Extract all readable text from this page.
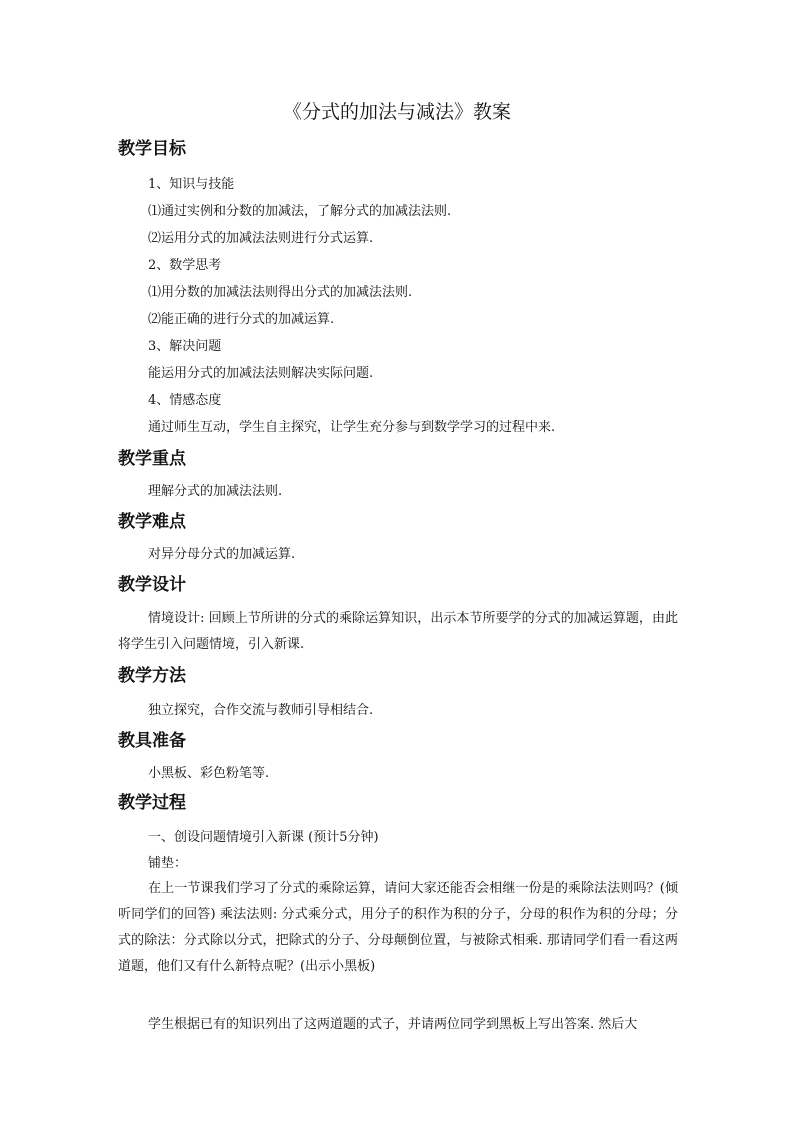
《分式的加法与减法》教案
教学目标
1、知识与技能
⑴通过实例和分数的加减法，了解分式的加减法法则.
⑵运用分式的加减法法则进行分式运算.
2、数学思考
⑴用分数的加减法法则得出分式的加减法法则.
⑵能正确的进行分式的加减运算.
3、解决问题
能运用分式的加减法法则解决实际问题.
4、情感态度
通过师生互动，学生自主探究，让学生充分参与到数学学习的过程中来.
教学重点
理解分式的加减法法则.
教学难点
对异分母分式的加减运算.
教学设计
情境设计: 回顾上节所讲的分式的乘除运算知识，出示本节所要学的分式的加减运算题，由此将学生引入问题情境，引入新课.
教学方法
独立探究，合作交流与教师引导相结合.
教具准备
小黑板、彩色粉笔等.
教学过程
一、创设问题情境引入新课 (预计5分钟)
铺垫：
在上一节课我们学习了分式的乘除运算，请问大家还能否会相继一份是的乘除法法则吗？(倾听同学们的回答) 乘法法则: 分式乘分式，用分子的积作为积的分子，分母的积作为积的分母；分式的除法：分式除以分式，把除式的分子、分母颠倒位置，与被除式相乘. 那请同学们看一看这两道题，他们又有什么新特点呢？(出示小黑板)
学生根据已有的知识列出了这两道题的式子，并请两位同学到黑板上写出答案. 然后大
